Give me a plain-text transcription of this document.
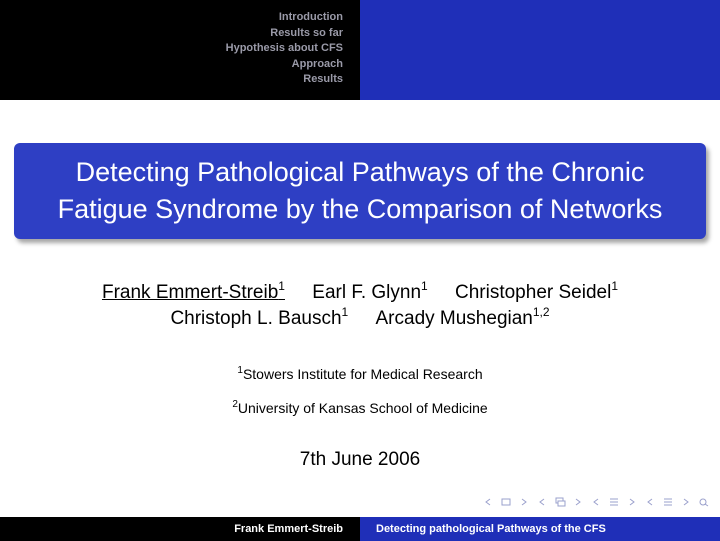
Introduction
Results so far
Hypothesis about CFS
Approach
Results
Detecting Pathological Pathways of the Chronic
Fatigue Syndrome by the Comparison of Networks
Frank Emmert-Streib$^1$ Earl F. Glynn$^1$ Christopher Seidel$^1$
Christoph L. Bausch$^1$ Arcady Mushegian$^{1,2}$
$^1$Stowers Institute for Medical Research
$^2$University of Kansas School of Medicine
7th June 2006
Frank Emmert-Streib	Detecting pathological Pathways of the CFS
